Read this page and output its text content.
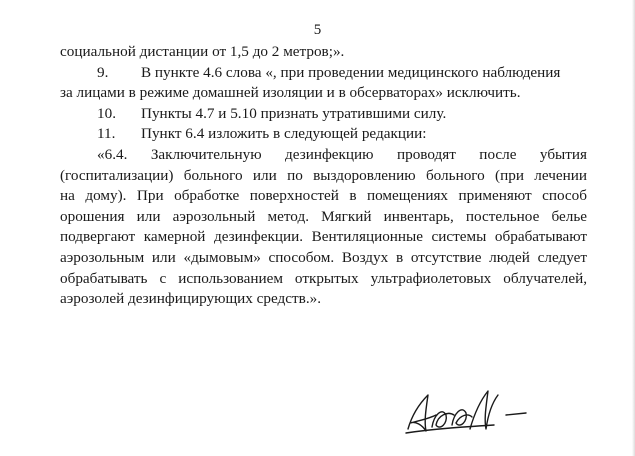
5
социальной дистанции от 1,5 до 2 метров;».
9. В пункте 4.6 слова «, при проведении медицинского наблюдения
за лицами в режиме домашней изоляции и в обсерваторах» исключить.
10. Пункты 4.7 и 5.10 признать утратившими силу.
11. Пункт 6.4 изложить в следующей редакции:
«6.4. Заключительную дезинфекцию проводят после убытия
(госпитализации) больного или по выздоровлению больного (при лечении
на дому). При обработке поверхностей в помещениях применяют способ
орошения или аэрозольный метод. Мягкий инвентарь, постельное белье
подвергают камерной дезинфекции. Вентиляционные системы обрабатывают
аэрозольным или «дымовым» способом. Воздух в отсутствие людей следует
обрабатывать с использованием открытых ультрафиолетовых облучателей,
аэрозолей дезинфицирующих средств.».
